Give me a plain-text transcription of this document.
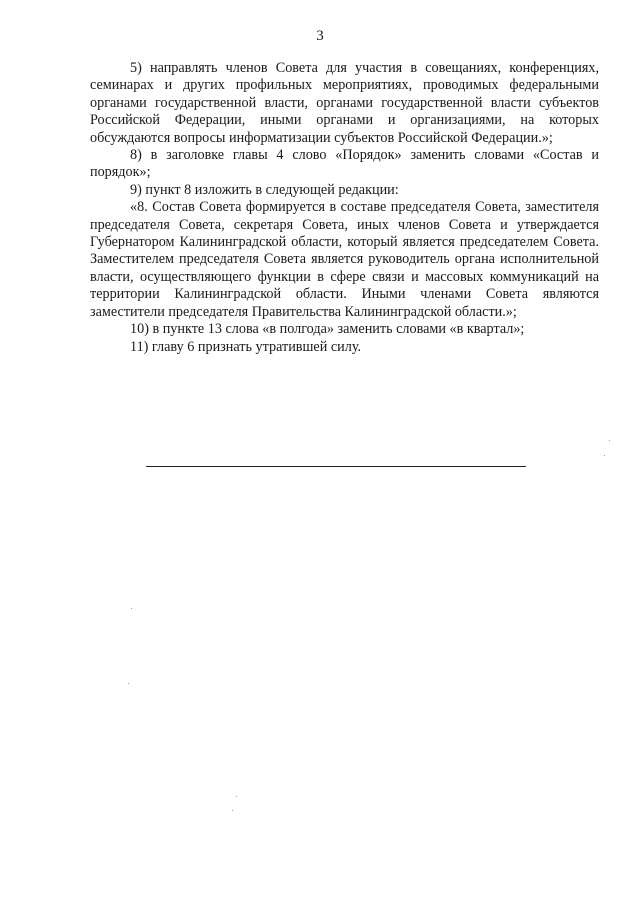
3

5) направлять членов Совета для участия в совещаниях, конференциях, семинарах и других профильных мероприятиях, проводимых федеральными органами государственной власти, органами государственной власти субъектов Российской Федерации, иными органами и организациями, на которых обсуждаются вопросы информатизации субъектов Российской Федерации.»;

8) в заголовке главы 4 слово «Порядок» заменить словами «Состав и порядок»;

9) пункт 8 изложить в следующей редакции:

«8. Состав Совета формируется в составе председателя Совета, заместителя председателя Совета, секретаря Совета, иных членов Совета и утверждается Губернатором Калининградской области, который является председателем Совета. Заместителем председателя Совета является руководитель органа исполнительной власти, осуществляющего функции в сфере связи и массовых коммуникаций на территории Калининградской области. Иными членами Совета являются заместители председателя Правительства Калининградской области.»;

10) в пункте 13 слова «в полгода» заменить словами «в квартал»;

11) главу 6 признать утратившей силу.
